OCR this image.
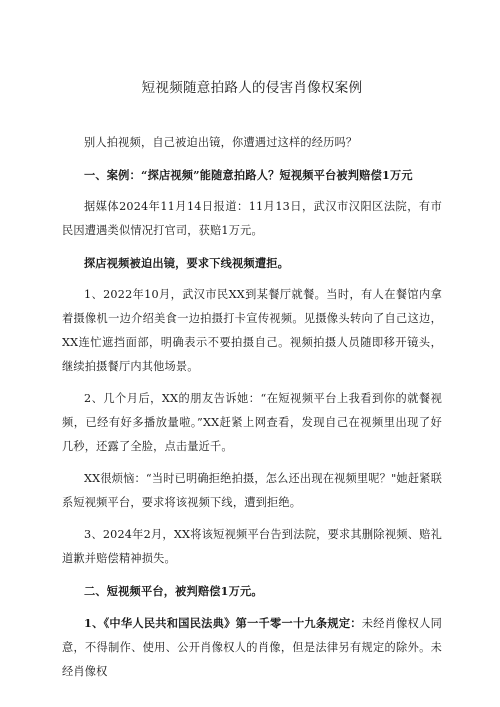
短视频随意拍路人的侵害肖像权案例

别人拍视频，自己被迫出镜，你遭遇过这样的经历吗？

一、案例：“探店视频”能随意拍路人？短视频平台被判赔偿1万元

据媒体2024年11月14日报道：11月13日，武汉市汉阳区法院，有市民因遭遇类似情况打官司，获赔1万元。

探店视频被迫出镜，要求下线视频遭拒。

1、2022年10月，武汉市民XX到某餐厅就餐。当时，有人在餐馆内拿着摄像机一边介绍美食一边拍摄打卡宣传视频。见摄像头转向了自己这边，XX连忙遮挡面部，明确表示不要拍摄自己。视频拍摄人员随即移开镜头，继续拍摄餐厅内其他场景。

2、几个月后，XX的朋友告诉她：“在短视频平台上我看到你的就餐视频，已经有好多播放量啦。”XX赶紧上网查看，发现自己在视频里出现了好几秒，还露了全脸，点击量近千。

XX很烦恼：“当时已明确拒绝拍摄，怎么还出现在视频里呢？"她赶紧联系短视频平台，要求将该视频下线，遭到拒绝。

3、2024年2月，XX将该短视频平台告到法院，要求其删除视频、赔礼道歉并赔偿精神损失。

二、短视频平台，被判赔偿1万元。

1、《中华人民共和国民法典》第一千零一十九条规定：未经肖像权人同意，不得制作、使用、公开肖像权人的肖像，但是法律另有规定的除外。未经肖像权
